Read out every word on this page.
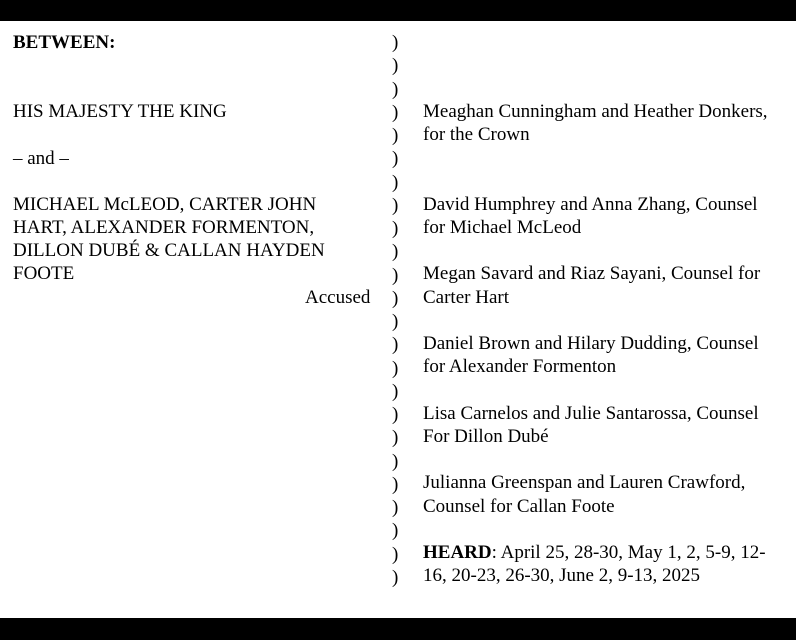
BETWEEN:
HIS MAJESTY THE KING
– and –
MICHAEL McLEOD, CARTER JOHN
HART, ALEXANDER FORMENTON,
DILLON DUBÉ & CALLAN HAYDEN
FOOTE
Accused
)
)
)
)
)
)
)
)
)
)
)
)
)
)
)
)
)
)
)
)
)
)
)
)
Meaghan Cunningham and Heather Donkers,
for the Crown
David Humphrey and Anna Zhang, Counsel
for Michael McLeod
Megan Savard and Riaz Sayani, Counsel for
Carter Hart
Daniel Brown and Hilary Dudding, Counsel
for Alexander Formenton
Lisa Carnelos and Julie Santarossa, Counsel
For Dillon Dubé
Julianna Greenspan and Lauren Crawford,
Counsel for Callan Foote
HEARD: April 25, 28-30, May 1, 2, 5-9, 12-
16, 20-23, 26-30, June 2, 9-13, 2025
